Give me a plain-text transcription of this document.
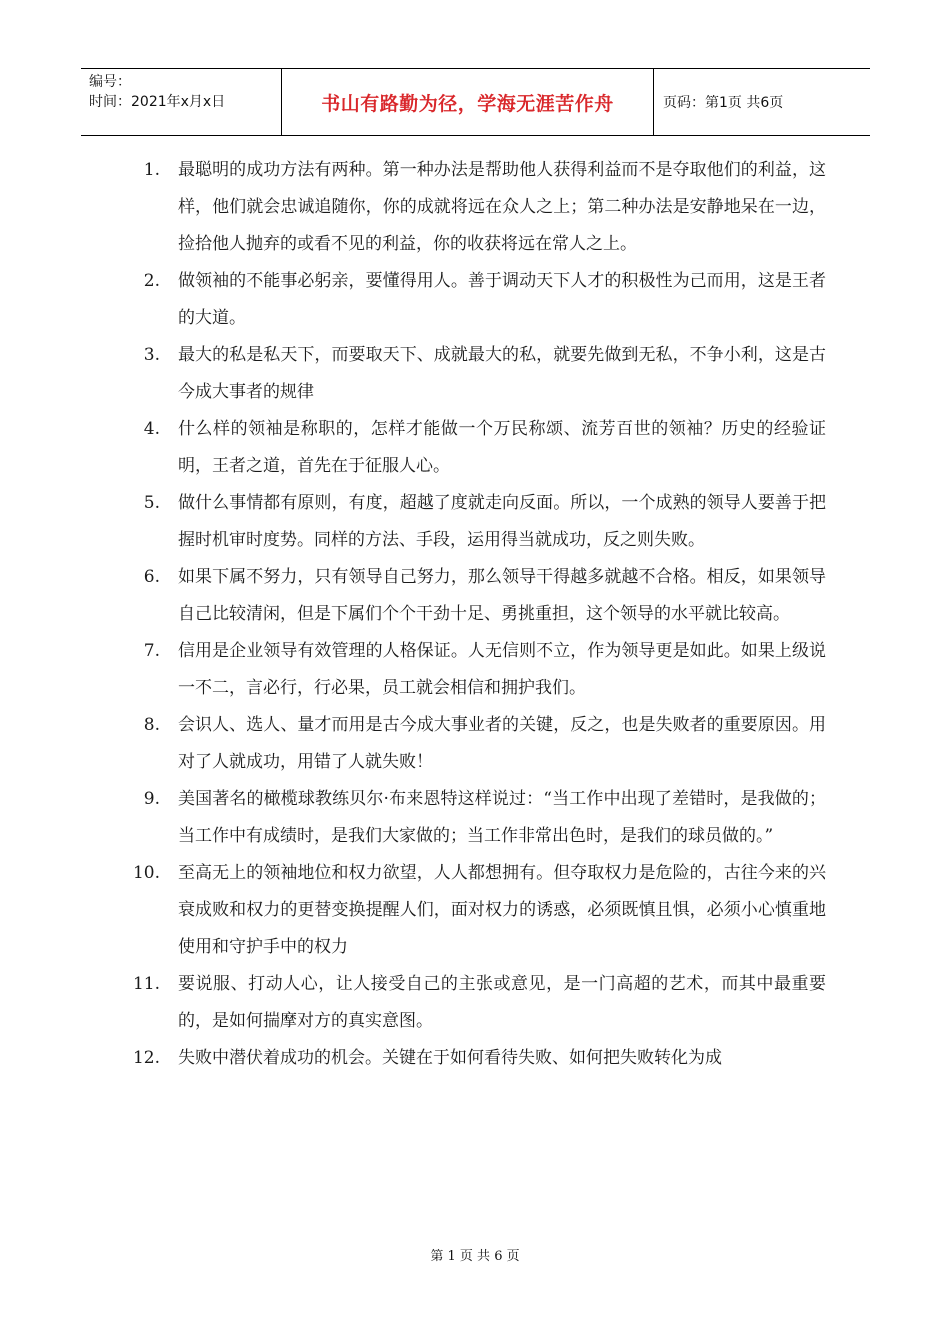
编号：
时间：2021年x月x日	书山有路勤为径，学海无涯苦作舟	页码：第1页 共6页
1. 最聪明的成功方法有两种。第一种办法是帮助他人获得利益而不是夺取他们的利益，这样，他们就会忠诚追随你，你的成就将远在众人之上；第二种办法是安静地呆在一边，捡拾他人抛弃的或看不见的利益，你的收获将远在常人之上。
2. 做领袖的不能事必躬亲，要懂得用人。善于调动天下人才的积极性为己而用，这是王者的大道。
3. 最大的私是私天下，而要取天下、成就最大的私，就要先做到无私，不争小利，这是古今成大事者的规律
4. 什么样的领袖是称职的，怎样才能做一个万民称颂、流芳百世的领袖？历史的经验证明，王者之道，首先在于征服人心。
5. 做什么事情都有原则，有度，超越了度就走向反面。所以，一个成熟的领导人要善于把握时机审时度势。同样的方法、手段，运用得当就成功，反之则失败。
6. 如果下属不努力，只有领导自己努力，那么领导干得越多就越不合格。相反，如果领导自己比较清闲，但是下属们个个干劲十足、勇挑重担，这个领导的水平就比较高。
7. 信用是企业领导有效管理的人格保证。人无信则不立，作为领导更是如此。如果上级说一不二，言必行，行必果，员工就会相信和拥护我们。
8. 会识人、选人、量才而用是古今成大事业者的关键，反之，也是失败者的重要原因。用对了人就成功，用错了人就失败！
9. 美国著名的橄榄球教练贝尔·布来恩特这样说过：“当工作中出现了差错时，是我做的；当工作中有成绩时，是我们大家做的；当工作非常出色时，是我们的球员做的。”
10. 至高无上的领袖地位和权力欲望，人人都想拥有。但夺取权力是危险的，古往今来的兴衰成败和权力的更替变换提醒人们，面对权力的诱惑，必须既慎且惧，必须小心慎重地使用和守护手中的权力
11. 要说服、打动人心，让人接受自己的主张或意见，是一门高超的艺术，而其中最重要的，是如何揣摩对方的真实意图。
12. 失败中潜伏着成功的机会。关键在于如何看待失败、如何把失败转化为成
第 1 页 共 6 页
